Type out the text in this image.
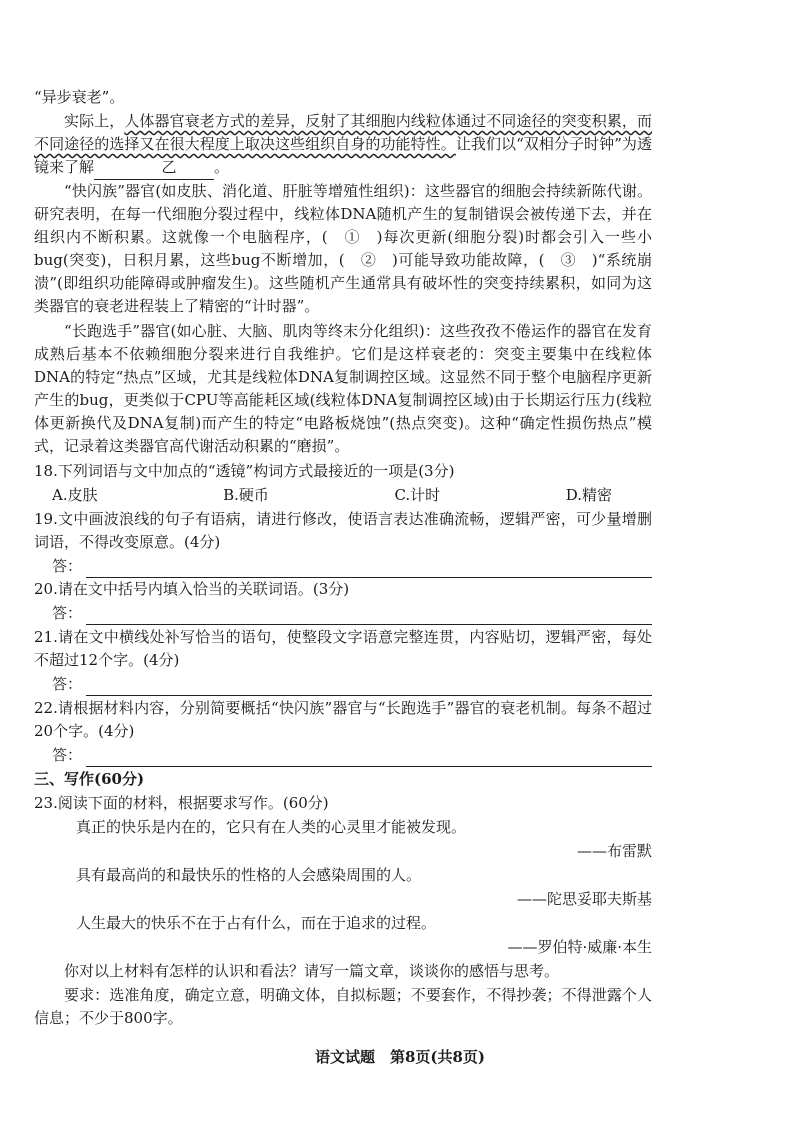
“异步衰老”。

实际上，人体器官衰老方式的差异，反射了其细胞内线粒体通过不同途径的突变积累，而不同途径的选择又在很大程度上取决这些组织自身的功能特性。让我们以“双相分子时钟”为透镜来了解	乙	。

“快闪族”器官(如皮肤、消化道、肝脏等增殖性组织)：这些器官的细胞会持续新陈代谢。研究表明，在每一代细胞分裂过程中，线粒体DNA随机产生的复制错误会被传递下去，并在组织内不断积累。这就像一个电脑程序，(　①　)每次更新(细胞分裂)时都会引入一些小bug(突变)，日积月累，这些bug不断增加，(　②　)可能导致功能故障，(　③　)“系统崩溃”(即组织功能障碍或肿瘤发生)。这些随机产生通常具有破坏性的突变持续累积，如同为这类器官的衰老进程装上了精密的“计时器”。

“长跑选手”器官(如心脏、大脑、肌肉等终末分化组织)：这些孜孜不倦运作的器官在发育成熟后基本不依赖细胞分裂来进行自我维护。它们是这样衰老的：突变主要集中在线粒体DNA的特定“热点”区域，尤其是线粒体DNA复制调控区域。这显然不同于整个电脑程序更新产生的bug，更类似于CPU等高能耗区域(线粒体DNA复制调控区域)由于长期运行压力(线粒体更新换代及DNA复制)而产生的特定“电路板烧蚀”(热点突变)。这种“确定性损伤热点”模式，记录着这类器官高代谢活动积累的“磨损”。

18.下列词语与文中加点的“透镜”构词方式最接近的一项是(3分)

A.皮肤	B.硬币	C.计时	D.精密

19.文中画波浪线的句子有语病，请进行修改，使语言表达准确流畅，逻辑严密，可少量增删词语，不得改变原意。(4分)

答：

20.请在文中括号内填入恰当的关联词语。(3分)

答：

21.请在文中横线处补写恰当的语句，使整段文字语意完整连贯，内容贴切，逻辑严密，每处不超过12个字。(4分)

答：

22.请根据材料内容，分别简要概括“快闪族”器官与“长跑选手”器官的衰老机制。每条不超过20个字。(4分)

答：

三、写作(60分)

23.阅读下面的材料，根据要求写作。(60分)

真正的快乐是内在的，它只有在人类的心灵里才能被发现。

——布雷默

具有最高尚的和最快乐的性格的人会感染周围的人。

——陀思妥耶夫斯基

人生最大的快乐不在于占有什么，而在于追求的过程。

——罗伯特·威廉·本生

你对以上材料有怎样的认识和看法？请写一篇文章，谈谈你的感悟与思考。

要求：选准角度，确定立意，明确文体，自拟标题；不要套作，不得抄袭；不得泄露个人信息；不少于800字。

语文试题　第8页(共8页)
